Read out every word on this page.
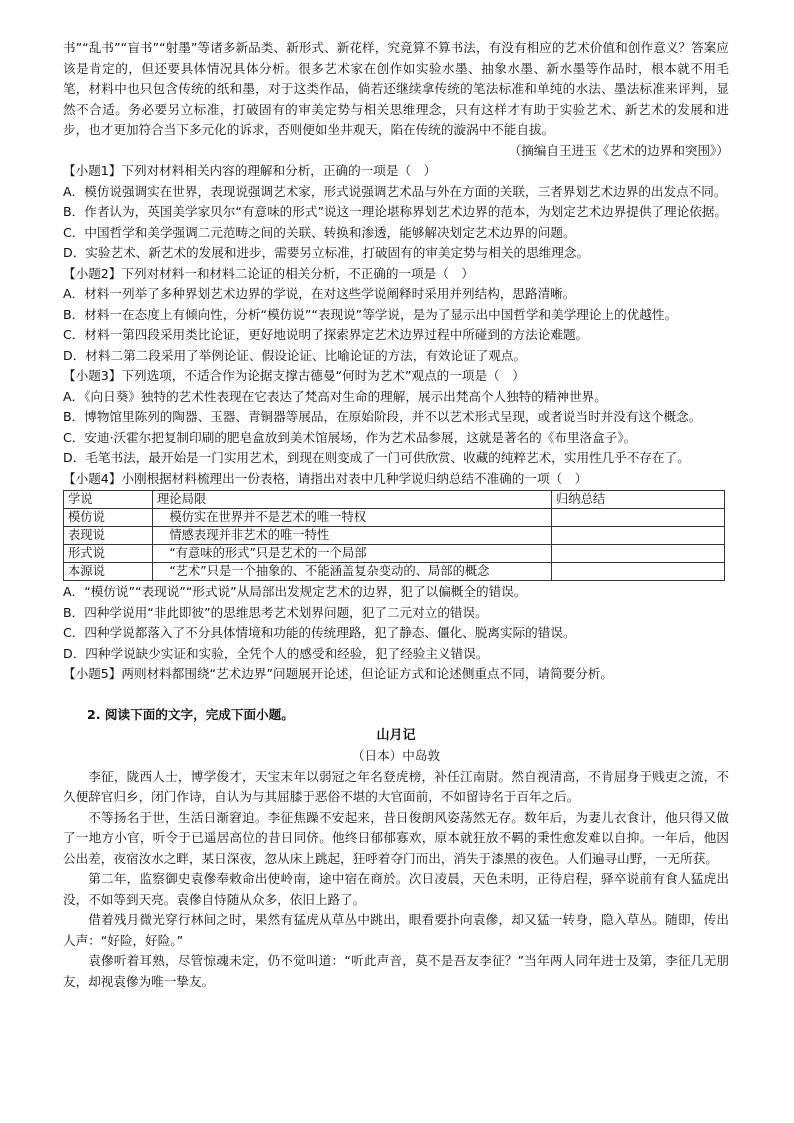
书”“乱书”“盲书”“射墨”等诸多新品类、新形式、新花样，究竟算不算书法，有没有相应的艺术价值和创作意义？答案应该是肯定的，但还要具体情况具体分析。很多艺术家在创作如实验水墨、抽象水墨、新水墨等作品时，根本就不用毛笔，材料中也只包含传统的纸和墨，对于这类作品，倘若还继续拿传统的笔法标准和单纯的水法、墨法标准来评判，显然不合适。务必要另立标准，打破固有的审美定势与相关思维理念，只有这样才有助于实验艺术、新艺术的发展和进步，也才更加符合当下多元化的诉求，否则便如坐井观天，陷在传统的漩涡中不能自拔。

（摘编自王进玉《艺术的边界和突围》）

【小题1】下列对材料相关内容的理解和分析，正确的一项是（　）

A．模仿说强调实在世界，表现说强调艺术家，形式说强调艺术品与外在方面的关联，三者界划艺术边界的出发点不同。

B．作者认为，英国美学家贝尔“有意味的形式”说这一理论堪称界划艺术边界的范本，为划定艺术边界提供了理论依据。

C．中国哲学和美学强调二元范畴之间的关联、转换和渗透，能够解决划定艺术边界的问题。

D．实验艺术、新艺术的发展和进步，需要另立标准，打破固有的审美定势与相关的思维理念。

【小题2】下列对材料一和材料二论证的相关分析，不正确的一项是（　）

A．材料一列举了多种界划艺术边界的学说，在对这些学说阐释时采用并列结构，思路清晰。

B．材料一在态度上有倾向性，分析“模仿说”“表现说”等学说，是为了显示出中国哲学和美学理论上的优越性。

C．材料一第四段采用类比论证，更好地说明了探索界定艺术边界过程中所碰到的方法论难题。

D．材料二第二段采用了举例论证、假设论证、比喻论证的方法，有效论证了观点。

【小题3】下列选项，不适合作为论据支撑古德曼“何时为艺术”观点的一项是（　）

A．《向日葵》独特的艺术性表现在它表达了梵高对生命的理解，展示出梵高个人独特的精神世界。

B．博物馆里陈列的陶器、玉器、青铜器等展品，在原始阶段，并不以艺术形式呈现，或者说当时并没有这个概念。

C．安迪·沃霍尔把复制印刷的肥皂盒放到美术馆展场，作为艺术品参展，这就是著名的《布里洛盒子》。

D．毛笔书法，最开始是一门实用艺术，到现在则变成了一门可供欣赏、收藏的纯粹艺术，实用性几乎不存在了。

【小题4】小刚根据材料梳理出一份表格，请指出对表中几种学说归纳总结不准确的一项（　）

学说	理论局限	归纳总结
模仿说	　模仿实在世界并不是艺术的唯一特权	
表现说	　情感表现并非艺术的唯一特性	
形式说	　“有意味的形式”只是艺术的一个局部	
本源说	　“艺术”只是一个抽象的、不能涵盖复杂变动的、局部的概念	

A．“模仿说”“表现说”“形式说”从局部出发规定艺术的边界，犯了以偏概全的错误。

B．四种学说用“非此即彼”的思维思考艺术划界问题，犯了二元对立的错误。

C．四种学说都落入了不分具体情境和功能的传统理路，犯了静态、僵化、脱离实际的错误。

D．四种学说缺少实证和实验，全凭个人的感受和经验，犯了经验主义错误。

【小题5】两则材料都围绕“艺术边界”问题展开论述，但论证方式和论述侧重点不同，请简要分析。

2. 阅读下面的文字，完成下面小题。
山月记
（日本）中岛敦

李征，陇西人士，博学俊才，天宝末年以弱冠之年名登虎榜，补任江南尉。然自视清高，不肯屈身于贱吏之流，不久便辞官归乡，闭门作诗，自认为与其屈膝于恶俗不堪的大官面前，不如留诗名于百年之后。

不等扬名于世，生活日渐窘迫。李征焦躁不安起来，昔日俊朗风姿荡然无存。数年后，为妻儿衣食计，他只得又做了一地方小官，听令于已遥居高位的昔日同侪。他终日郁郁寡欢，原本就狂放不羁的秉性愈发难以自抑。一年后，他因公出差，夜宿汝水之畔，某日深夜，忽从床上跳起，狂呼着夺门而出，消失于漆黑的夜色。人们遍寻山野，一无所获。

第二年，监察御史袁傪奉敕命出使岭南，途中宿在商於。次日凌晨，天色未明，正待启程，驿卒说前有食人猛虎出没，不如等到天亮。袁傪自恃随从众多，依旧上路了。

借着残月微光穿行林间之时，果然有猛虎从草丛中跳出，眼看要扑向袁傪，却又猛一转身，隐入草丛。随即，传出人声：“好险，好险。”

袁傪听着耳熟，尽管惊魂未定，仍不觉叫道：“听此声音，莫不是吾友李征？”当年两人同年进士及第，李征几无朋友，却视袁傪为唯一挚友。
